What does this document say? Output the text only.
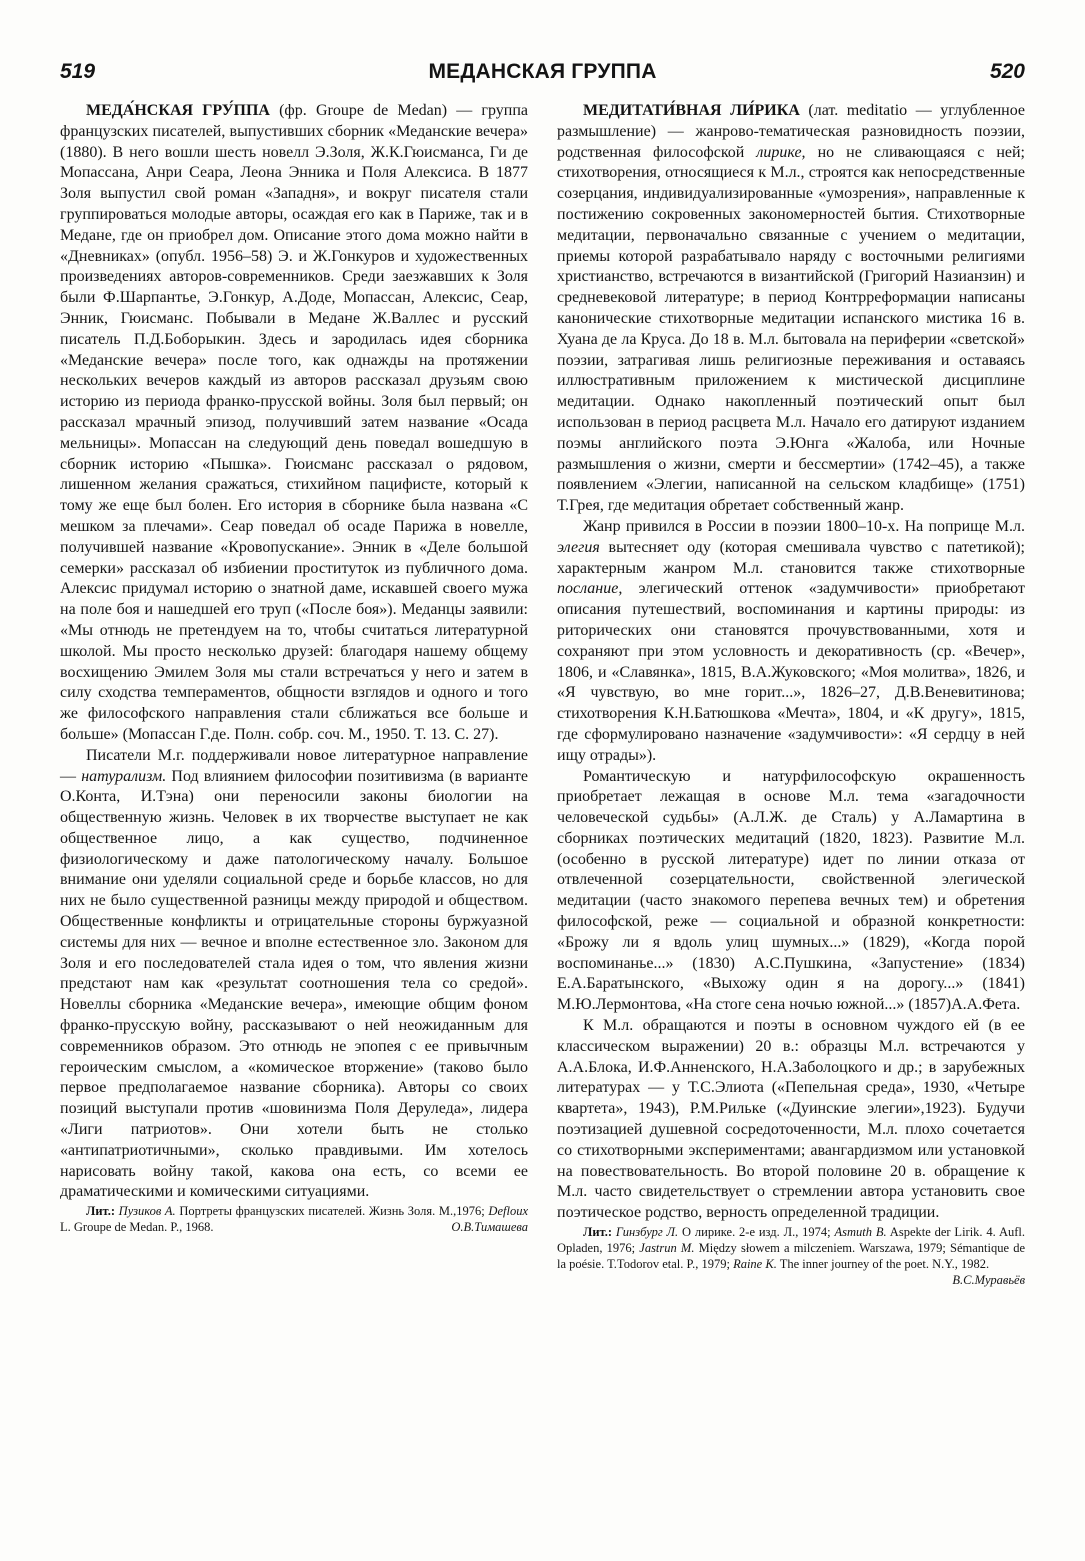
519	МЕДАНСКАЯ ГРУППА	520

МЕДА́НСКАЯ ГРУ́ППА (фр. Groupe de Medan) — группа французских писателей, выпустивших сборник «Меданские вечера» (1880). В него вошли шесть новелл Э.Золя, Ж.К.Гюисманса, Ги де Мопассана, Анри Сеара, Леона Энника и Поля Алексиса. В 1877 Золя выпустил свой роман «Западня», и вокруг писателя стали группироваться молодые авторы, осаждая его как в Париже, так и в Медане, где он приобрел дом. Описание этого дома можно найти в «Дневниках» (опубл. 1956–58) Э. и Ж.Гонкуров и художественных произведениях авторов-современников. Среди заезжавших к Золя были Ф.Шарпантье, Э.Гонкур, А.Доде, Мопассан, Алексис, Сеар, Энник, Гюисманс. Побывали в Медане Ж.Валлес и русский писатель П.Д.Боборыкин. Здесь и зародилась идея сборника «Меданские вечера» после того, как однажды на протяжении нескольких вечеров каждый из авторов рассказал друзьям свою историю из периода франко-прусской войны. Золя был первый; он рассказал мрачный эпизод, получивший затем название «Осада мельницы». Мопассан на следующий день поведал вошедшую в сборник историю «Пышка». Гюисманс рассказал о рядовом, лишенном желания сражаться, стихийном пацифисте, который к тому же еще был болен. Его история в сборнике была названа «С мешком за плечами». Сеар поведал об осаде Парижа в новелле, получившей название «Кровопускание». Энник в «Деле большой семерки» рассказал об избиении проституток из публичного дома. Алексис придумал историю о знатной даме, искавшей своего мужа на поле боя и нашедшей его труп («После боя»). Меданцы заявили: «Мы отнюдь не претендуем на то, чтобы считаться литературной школой. Мы просто несколько друзей: благодаря нашему общему восхищению Эмилем Золя мы стали встречаться у него и затем в силу сходства темпераментов, общности взглядов и одного и того же философского направления стали сближаться все больше и больше» (Мопассан Г.де. Полн. собр. соч. М., 1950. Т. 13. С. 27).

Писатели М.г. поддерживали новое литературное направление — натурализм. Под влиянием философии позитивизма (в варианте О.Конта, И.Тэна) они переносили законы биологии на общественную жизнь. Человек в их творчестве выступает не как общественное лицо, а как существо, подчиненное физиологическому и даже патологическому началу. Большое внимание они уделяли социальной среде и борьбе классов, но для них не было существенной разницы между природой и обществом. Общественные конфликты и отрицательные стороны буржуазной системы для них — вечное и вполне естественное зло. Законом для Золя и его последователей стала идея о том, что явления жизни предстают нам как «результат соотношения тела со средой». Новеллы сборника «Меданские вечера», имеющие общим фоном франко-прусскую войну, рассказывают о ней неожиданным для современников образом. Это отнюдь не эпопея с ее привычным героическим смыслом, а «комическое вторжение» (таково было первое предполагаемое название сборника). Авторы со своих позиций выступали против «шовинизма Поля Деруледа», лидера «Лиги патриотов». Они хотели быть не столько «антипатриотичными», сколько правдивыми. Им хотелось нарисовать войну такой, какова она есть, со всеми ее драматическими и комическими ситуациями.

Лит.: Пузиков А. Портреты французских писателей. Жизнь Золя. М.,1976; Defloux L. Groupe de Medan. P., 1968.	О.В.Тимашева

МЕДИТАТИ́ВНАЯ ЛИ́РИКА (лат. meditatio — углубленное размышление) — жанрово-тематическая разновидность поэзии, родственная философской лирике, но не сливающаяся с ней; стихотворения, относящиеся к М.л., строятся как непосредственные созерцания, индивидуализированные «умозрения», направленные к постижению сокровенных закономерностей бытия. Стихотворные медитации, первоначально связанные с учением о медитации, приемы которой разрабатывало наряду с восточными религиями христианство, встречаются в византийской (Григорий Назианзин) и средневековой литературе; в период Контрреформации написаны канонические стихотворные медитации испанского мистика 16 в. Хуана де ла Круса. До 18 в. М.л. бытовала на периферии «светской» поэзии, затрагивая лишь религиозные переживания и оставаясь иллюстративным приложением к мистической дисциплине медитации. Однако накопленный поэтический опыт был использован в период расцвета М.л. Начало его датируют изданием поэмы английского поэта Э.Юнга «Жалоба, или Ночные размышления о жизни, смерти и бессмертии» (1742–45), а также появлением «Элегии, написанной на сельском кладбище» (1751) Т.Грея, где медитация обретает собственный жанр.

Жанр привился в России в поэзии 1800–10-х. На поприще М.л. элегия вытесняет оду (которая смешивала чувство с патетикой); характерным жанром М.л. становится также стихотворные послание, элегический оттенок «задумчивости» приобретают описания путешествий, воспоминания и картины природы: из риторических они становятся прочувствованными, хотя и сохраняют при этом условность и декоративность (ср. «Вечер», 1806, и «Славянка», 1815, В.А.Жуковского; «Моя молитва», 1826, и «Я чувствую, во мне горит...», 1826–27, Д.В.Веневитинова; стихотворения К.Н.Батюшкова «Мечта», 1804, и «К другу», 1815, где сформулировано назначение «задумчивости»: «Я сердцу в ней ищу отрады»).

Романтическую и натурфилософскую окрашенность приобретает лежащая в основе М.л. тема «загадочности человеческой судьбы» (А.Л.Ж. де Сталь) у А.Ламартина в сборниках поэтических медитаций (1820, 1823). Развитие М.л. (особенно в русской литературе) идет по линии отказа от отвлеченной созерцательности, свойственной элегической медитации (часто знакомого перепева вечных тем) и обретения философской, реже — социальной и образной конкретности: «Брожу ли я вдоль улиц шумных...» (1829), «Когда порой воспоминанье...» (1830) А.С.Пушкина, «Запустение» (1834) Е.А.Баратынского, «Выхожу один я на дорогу...» (1841) М.Ю.Лермонтова, «На стоге сена ночью южной...» (1857)А.А.Фета.

К М.л. обращаются и поэты в основном чуждого ей (в ее классическом выражении) 20 в.: образцы М.л. встречаются у А.А.Блока, И.Ф.Анненского, Н.А.Заболоцкого и др.; в зарубежных литературах — у Т.С.Элиота («Пепельная среда», 1930, «Четыре квартета», 1943), Р.М.Рильке («Дуинские элегии»,1923). Будучи поэтизацией душевной сосредоточенности, М.л. плохо сочетается со стихотворными экспериментами; авангардизмом или установкой на повествовательность. Во второй половине 20 в. обращение к М.л. часто свидетельствует о стремлении автора установить свое поэтическое родство, верность определенной традиции.

Лит.: Гинзбург Л. О лирике. 2-е изд. Л., 1974; Asmuth B. Aspekte der Lirik. 4. Aufl. Opladen, 1976; Jastrun M. Między słowem a milczeniem. Warszawa, 1979; Sémantique de la poésie. T.Todorov etal. P., 1979; Raine K. The inner journey of the poet. N.Y., 1982.
В.С.Муравьёв
